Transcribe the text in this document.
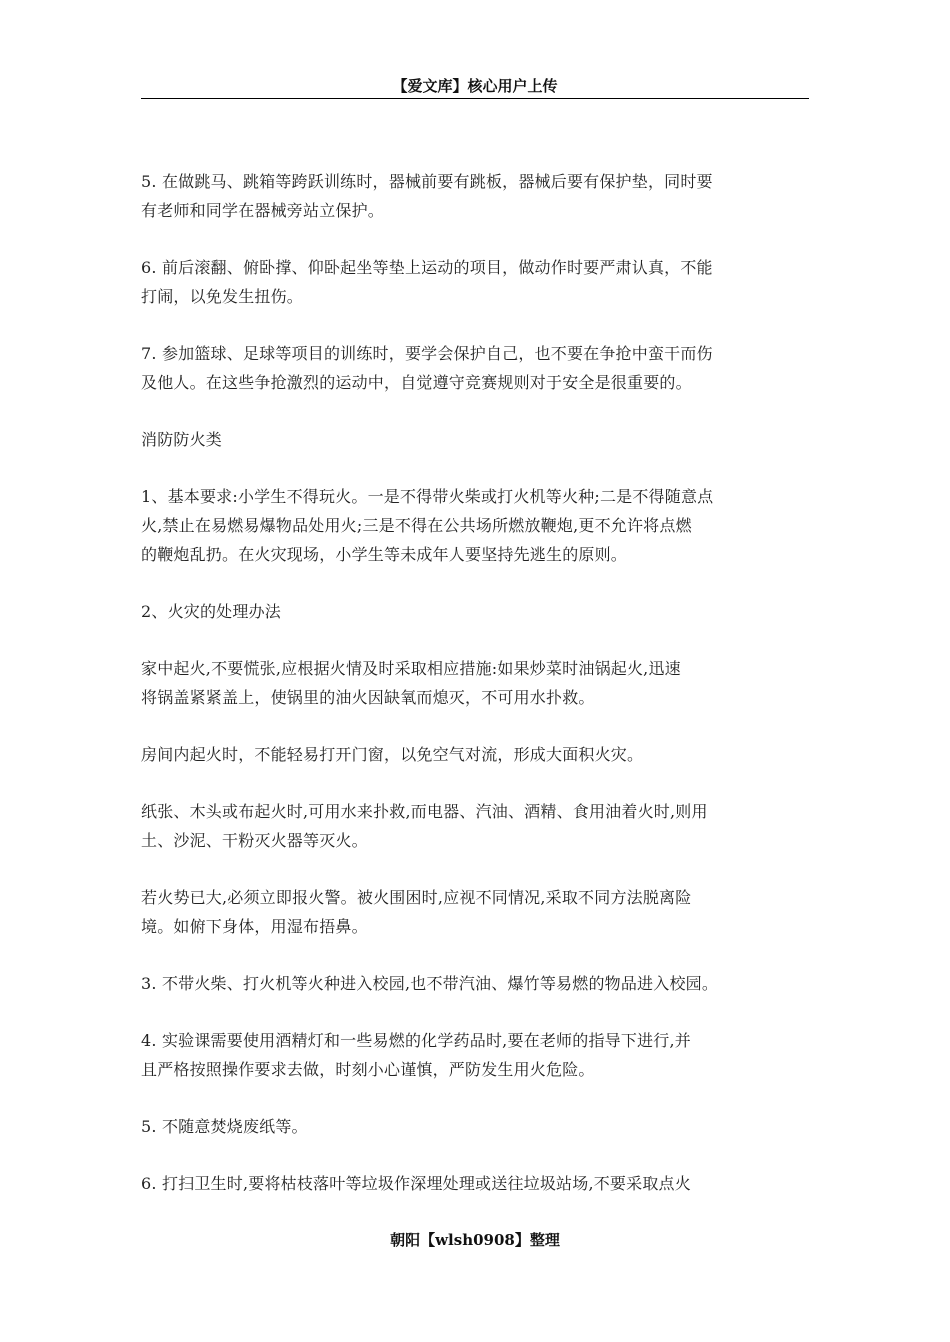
【爱文库】核心用户上传

5. 在做跳马、跳箱等跨跃训练时，器械前要有跳板，器械后要有保护垫，同时要
有老师和同学在器械旁站立保护。

6. 前后滚翻、俯卧撑、仰卧起坐等垫上运动的项目，做动作时要严肃认真，不能
打闹，以免发生扭伤。

7. 参加篮球、足球等项目的训练时，要学会保护自己，也不要在争抢中蛮干而伤
及他人。在这些争抢激烈的运动中，自觉遵守竞赛规则对于安全是很重要的。

消防防火类

1、基本要求:小学生不得玩火。一是不得带火柴或打火机等火种;二是不得随意点
火,禁止在易燃易爆物品处用火;三是不得在公共场所燃放鞭炮,更不允许将点燃
的鞭炮乱扔。在火灾现场，小学生等未成年人要坚持先逃生的原则。

2、火灾的处理办法

家中起火,不要慌张,应根据火情及时采取相应措施:如果炒菜时油锅起火,迅速
将锅盖紧紧盖上，使锅里的油火因缺氧而熄灭，不可用水扑救。

房间内起火时，不能轻易打开门窗，以免空气对流，形成大面积火灾。

纸张、木头或布起火时,可用水来扑救,而电器、汽油、酒精、食用油着火时,则用
土、沙泥、干粉灭火器等灭火。

若火势已大,必须立即报火警。被火围困时,应视不同情况,采取不同方法脱离险
境。如俯下身体，用湿布捂鼻。

3. 不带火柴、打火机等火种进入校园,也不带汽油、爆竹等易燃的物品进入校园。

4. 实验课需要使用酒精灯和一些易燃的化学药品时,要在老师的指导下进行,并
且严格按照操作要求去做，时刻小心谨慎，严防发生用火危险。

5. 不随意焚烧废纸等。

6. 打扫卫生时,要将枯枝落叶等垃圾作深埋处理或送往垃圾站场,不要采取点火

朝阳【wlsh0908】整理
